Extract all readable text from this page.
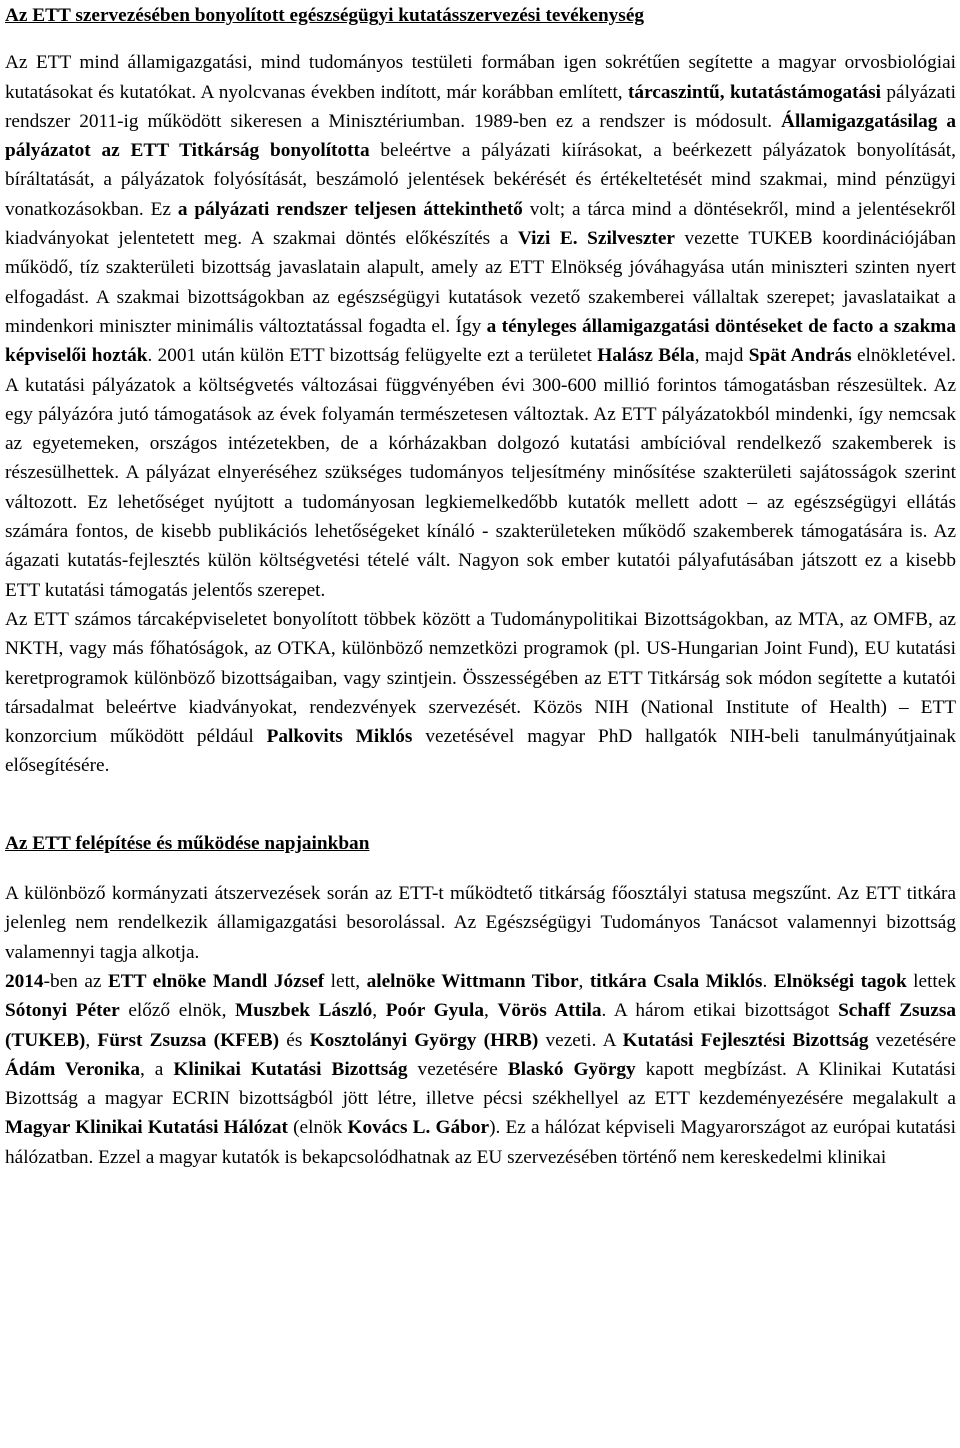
Az ETT szervezésében bonyolított egészségügyi kutatásszervezési tevékenység

Az ETT mind államigazgatási, mind tudományos testületi formában igen sokrétűen segítette a magyar orvosbiológiai kutatásokat és kutatókat. A nyolcvanas években indított, már korábban említett, tárcaszintű, kutatástámogatási pályázati rendszer 2011-ig működött sikeresen a Minisztériumban. 1989-ben ez a rendszer is módosult. Államigazgatásilag a pályázatot az ETT Titkárság bonyolította beleértve a pályázati kiírásokat, a beérkezett pályázatok bonyolítását, bíráltatását, a pályázatok folyósítását, beszámoló jelentések bekérését és értékeltetését mind szakmai, mind pénzügyi vonatkozásokban. Ez a pályázati rendszer teljesen áttekinthető volt; a tárca mind a döntésekről, mind a jelentésekről kiadványokat jelentetett meg. A szakmai döntés előkészítés a Vizi E. Szilveszter vezette TUKEB koordinációjában működő, tíz szakterületi bizottság javaslatain alapult, amely az ETT Elnökség jóváhagyása után miniszteri szinten nyert elfogadást. A szakmai bizottságokban az egészségügyi kutatások vezető szakemberei vállaltak szerepet; javaslataikat a mindenkori miniszter minimális változtatással fogadta el. Így a tényleges államigazgatási döntéseket de facto a szakma képviselői hozták. 2001 után külön ETT bizottság felügyelte ezt a területet Halász Béla, majd Spät András elnökletével. A kutatási pályázatok a költségvetés változásai függvényében évi 300-600 millió forintos támogatásban részesültek. Az egy pályázóra jutó támogatások az évek folyamán természetesen változtak. Az ETT pályázatokból mindenki, így nemcsak az egyetemeken, országos intézetekben, de a kórházakban dolgozó kutatási ambícióval rendelkező szakemberek is részesülhettek. A pályázat elnyeréséhez szükséges tudományos teljesítmény minősítése szakterületi sajátosságok szerint változott. Ez lehetőséget nyújtott a tudományosan legkiemelkedőbb kutatók mellett adott – az egészségügyi ellátás számára fontos, de kisebb publikációs lehetőségeket kínáló - szakterületeken működő szakemberek támogatására is. Az ágazati kutatás-fejlesztés külön költségvetési tételé vált. Nagyon sok ember kutatói pályafutásában játszott ez a kisebb ETT kutatási támogatás jelentős szerepet.

Az ETT számos tárcaképviseletet bonyolított többek között a Tudománypolitikai Bizottságokban, az MTA, az OMFB, az NKTH, vagy más főhatóságok, az OTKA, különböző nemzetközi programok (pl. US-Hungarian Joint Fund), EU kutatási keretprogramok különböző bizottságaiban, vagy szintjein. Összességében az ETT Titkárság sok módon segítette a kutatói társadalmat beleértve kiadványokat, rendezvények szervezését. Közös NIH (National Institute of Health) – ETT konzorcium működött például Palkovits Miklós vezetésével magyar PhD hallgatók NIH-beli tanulmányútjainak elősegítésére.

Az ETT felépítése és működése napjainkban

A különböző kormányzati átszervezések során az ETT-t működtető titkárság főosztályi statusa megszűnt. Az ETT titkára jelenleg nem rendelkezik államigazgatási besorolással. Az Egészségügyi Tudományos Tanácsot valamennyi bizottság valamennyi tagja alkotja.

2014-ben az ETT elnöke Mandl József lett, alelnöke Wittmann Tibor, titkára Csala Miklós. Elnökségi tagok lettek Sótonyi Péter előző elnök, Muszbek László, Poór Gyula, Vörös Attila. A három etikai bizottságot Schaff Zsuzsa (TUKEB), Fürst Zsuzsa (KFEB) és Kosztolányi György (HRB) vezeti. A Kutatási Fejlesztési Bizottság vezetésére Ádám Veronika, a Klinikai Kutatási Bizottság vezetésére Blaskó György kapott megbízást. A Klinikai Kutatási Bizottság a magyar ECRIN bizottságból jött létre, illetve pécsi székhellyel az ETT kezdeményezésére megalakult a Magyar Klinikai Kutatási Hálózat (elnök Kovács L. Gábor). Ez a hálózat képviseli Magyarországot az európai kutatási hálózatban. Ezzel a magyar kutatók is bekapcsolódhatnak az EU szervezésében történő nem kereskedelmi klinikai
